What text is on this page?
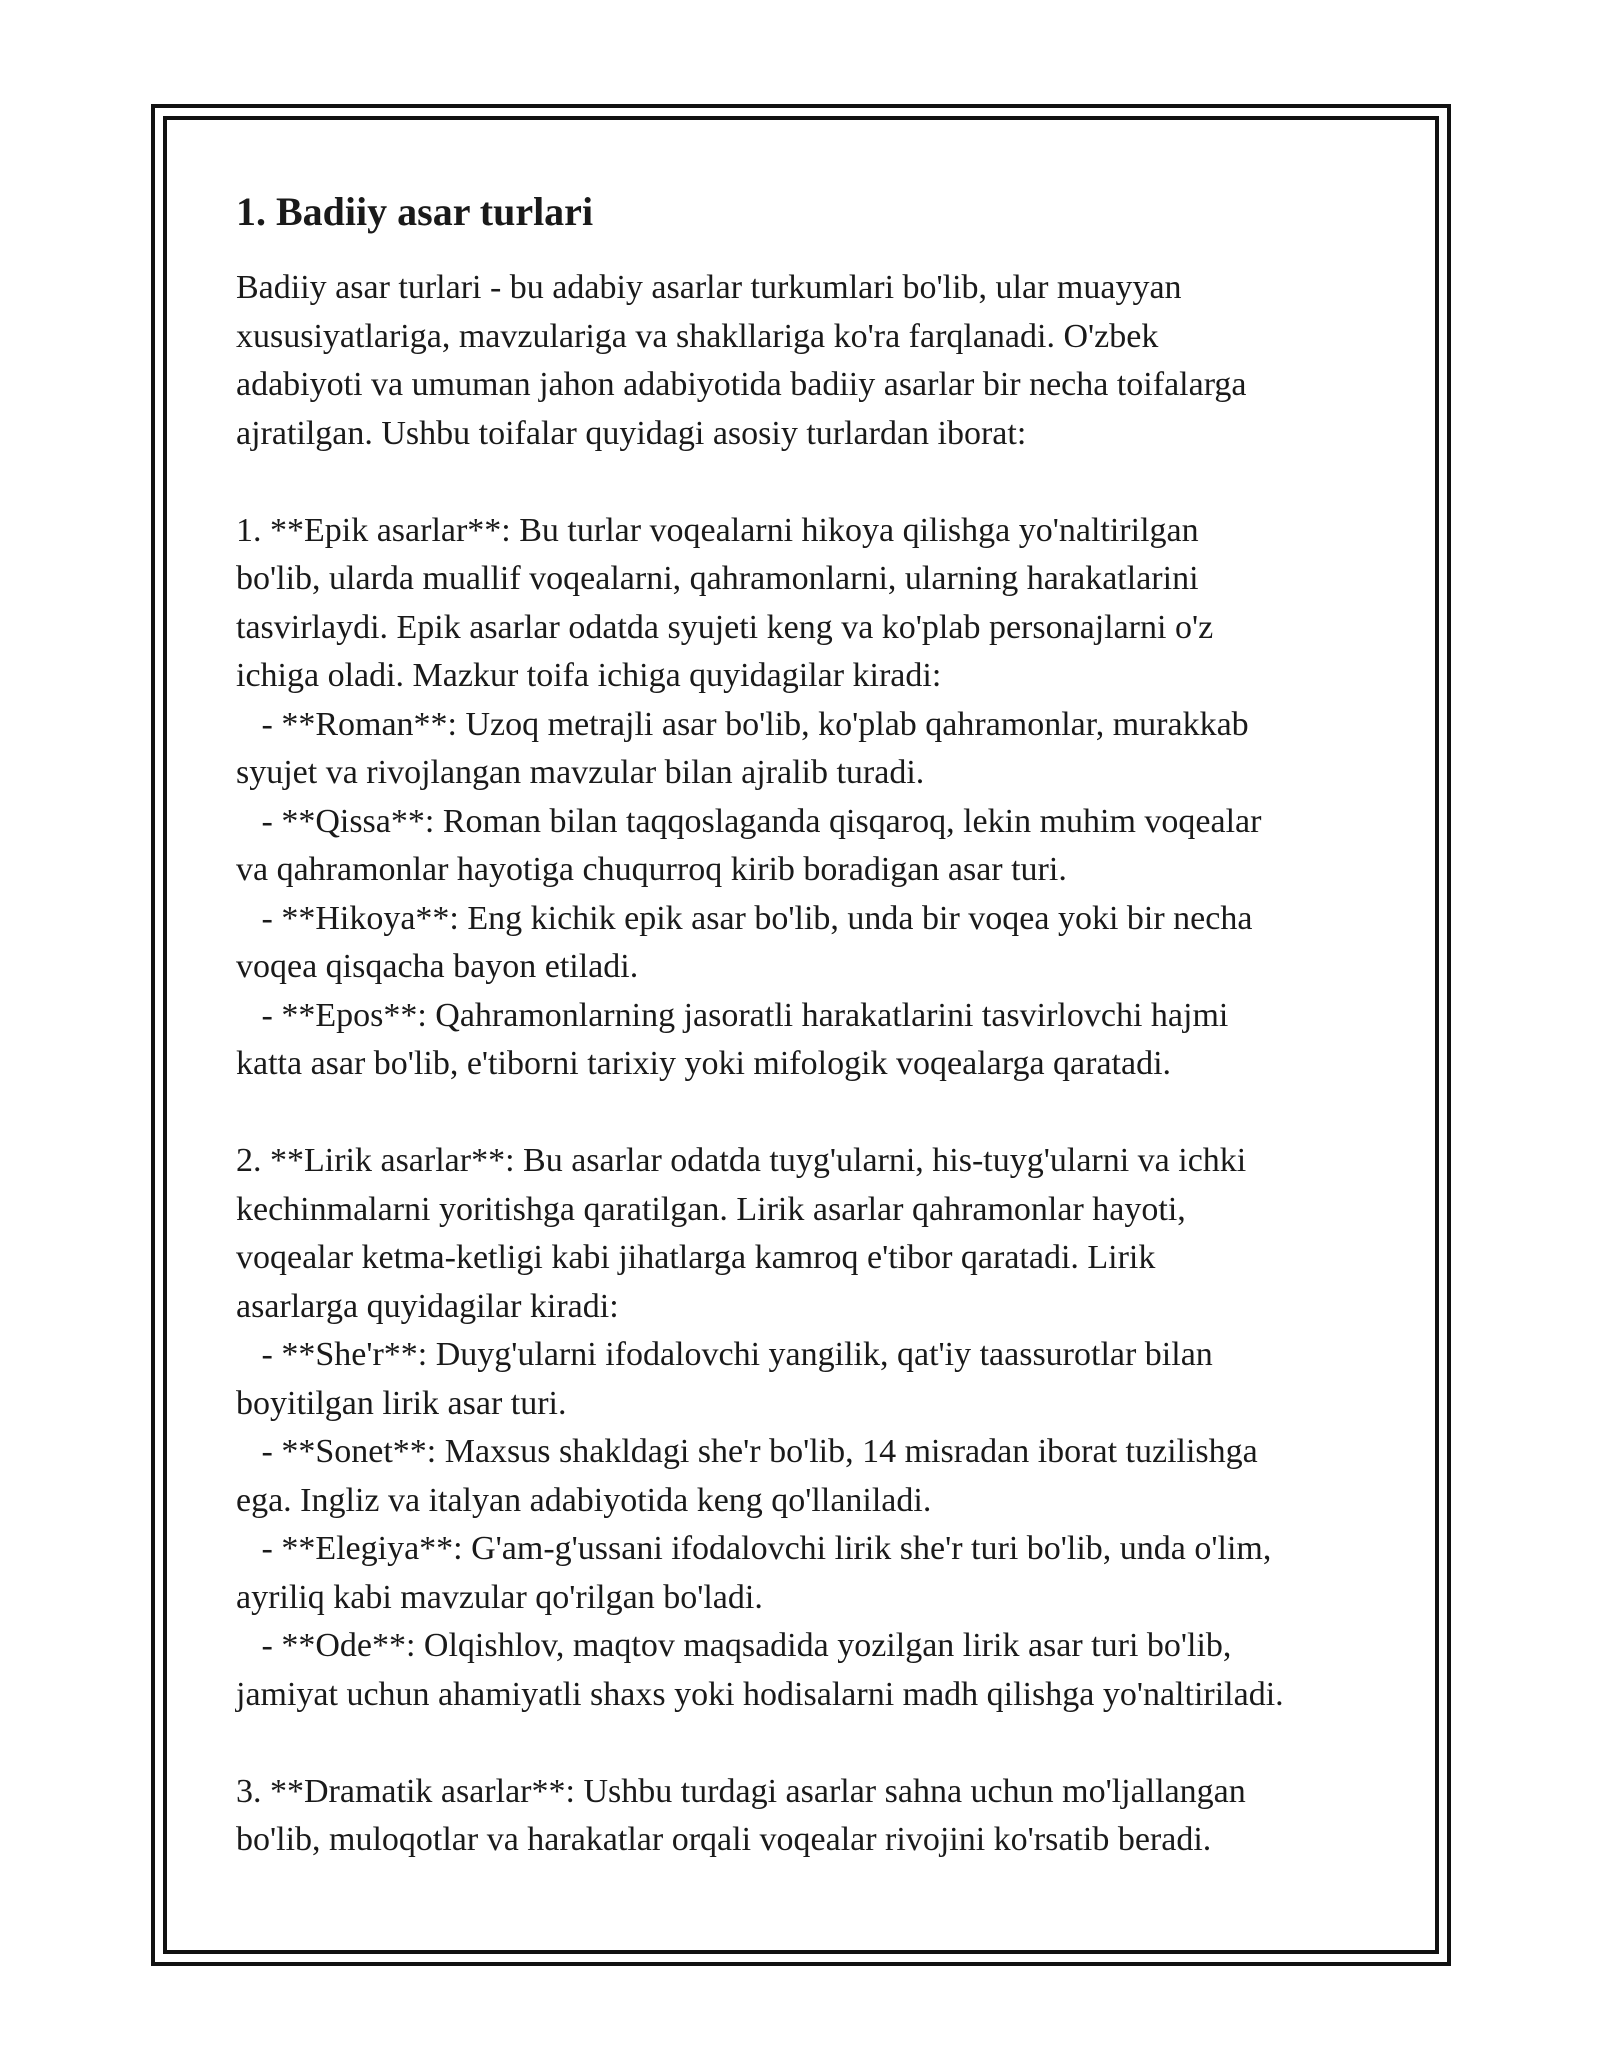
1. Badiiy asar turlari

Badiiy asar turlari - bu adabiy asarlar turkumlari bo'lib, ular muayyan
xususiyatlariga, mavzulariga va shakllariga ko'ra farqlanadi. O'zbek
adabiyoti va umuman jahon adabiyotida badiiy asarlar bir necha toifalarga
ajratilgan. Ushbu toifalar quyidagi asosiy turlardan iborat:

1. **Epik asarlar**: Bu turlar voqealarni hikoya qilishga yo'naltirilgan
bo'lib, ularda muallif voqealarni, qahramonlarni, ularning harakatlarini
tasvirlaydi. Epik asarlar odatda syujeti keng va ko'plab personajlarni o'z
ichiga oladi. Mazkur toifa ichiga quyidagilar kiradi:
- **Roman**: Uzoq metrajli asar bo'lib, ko'plab qahramonlar, murakkab
syujet va rivojlangan mavzular bilan ajralib turadi.
- **Qissa**: Roman bilan taqqoslaganda qisqaroq, lekin muhim voqealar
va qahramonlar hayotiga chuqurroq kirib boradigan asar turi.
- **Hikoya**: Eng kichik epik asar bo'lib, unda bir voqea yoki bir necha
voqea qisqacha bayon etiladi.
- **Epos**: Qahramonlarning jasoratli harakatlarini tasvirlovchi hajmi
katta asar bo'lib, e'tiborni tarixiy yoki mifologik voqealarga qaratadi.

2. **Lirik asarlar**: Bu asarlar odatda tuyg'ularni, his-tuyg'ularni va ichki
kechinmalarni yoritishga qaratilgan. Lirik asarlar qahramonlar hayoti,
voqealar ketma-ketligi kabi jihatlarga kamroq e'tibor qaratadi. Lirik
asarlarga quyidagilar kiradi:
- **She'r**: Duyg'ularni ifodalovchi yangilik, qat'iy taassurotlar bilan
boyitilgan lirik asar turi.
- **Sonet**: Maxsus shakldagi she'r bo'lib, 14 misradan iborat tuzilishga
ega. Ingliz va italyan adabiyotida keng qo'llaniladi.
- **Elegiya**: G'am-g'ussani ifodalovchi lirik she'r turi bo'lib, unda o'lim,
ayriliq kabi mavzular qo'rilgan bo'ladi.
- **Ode**: Olqishlov, maqtov maqsadida yozilgan lirik asar turi bo'lib,
jamiyat uchun ahamiyatli shaxs yoki hodisalarni madh qilishga yo'naltiriladi.

3. **Dramatik asarlar**: Ushbu turdagi asarlar sahna uchun mo'ljallangan
bo'lib, muloqotlar va harakatlar orqali voqealar rivojini ko'rsatib beradi.
